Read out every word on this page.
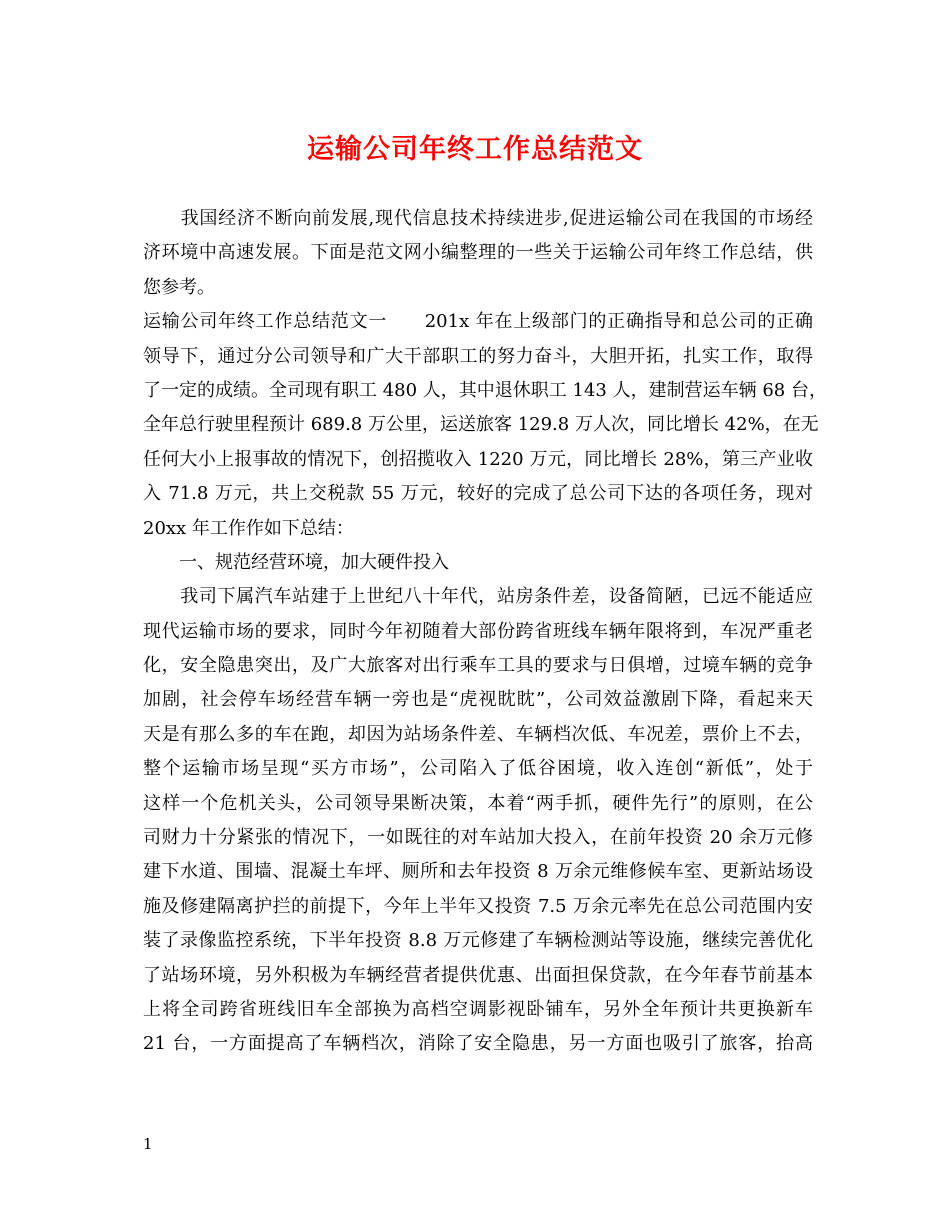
运输公司年终工作总结范文
　　我国经济不断向前发展,现代信息技术持续进步,促进运输公司在我国的市场经
济环境中高速发展。下面是范文网小编整理的一些关于运输公司年终工作总结，供
您参考。
运输公司年终工作总结范文一　　201x 年在上级部门的正确指导和总公司的正确
领导下，通过分公司领导和广大干部职工的努力奋斗，大胆开拓，扎实工作，取得
了一定的成绩。全司现有职工 480 人，其中退休职工 143 人，建制营运车辆 68 台，
全年总行驶里程预计 689.8 万公里，运送旅客 129.8 万人次，同比增长 42%，在无
任何大小上报事故的情况下，创招揽收入 1220 万元，同比增长 28%，第三产业收
入 71.8 万元，共上交税款 55 万元，较好的完成了总公司下达的各项任务，现对
20xx 年工作作如下总结：
　　一、规范经营环境，加大硬件投入
　　我司下属汽车站建于上世纪八十年代，站房条件差，设备简陋，已远不能适应
现代运输市场的要求，同时今年初随着大部份跨省班线车辆年限将到，车况严重老
化，安全隐患突出，及广大旅客对出行乘车工具的要求与日俱增，过境车辆的竞争
加剧，社会停车场经营车辆一旁也是“虎视眈眈”，公司效益激剧下降，看起来天
天是有那么多的车在跑，却因为站场条件差、车辆档次低、车况差，票价上不去，
整个运输市场呈现“买方市场”，公司陷入了低谷困境，收入连创“新低”，处于
这样一个危机关头，公司领导果断决策，本着“两手抓，硬件先行”的原则，在公
司财力十分紧张的情况下，一如既往的对车站加大投入，在前年投资 20 余万元修
建下水道、围墙、混凝土车坪、厕所和去年投资 8 万余元维修候车室、更新站场设
施及修建隔离护拦的前提下，今年上半年又投资 7.5 万余元率先在总公司范围内安
装了录像监控系统，下半年投资 8.8 万元修建了车辆检测站等设施，继续完善优化
了站场环境，另外积极为车辆经营者提供优惠、出面担保贷款，在今年春节前基本
上将全司跨省班线旧车全部换为高档空调影视卧铺车，另外全年预计共更换新车
21 台，一方面提高了车辆档次，消除了安全隐患，另一方面也吸引了旅客，抬高
1
